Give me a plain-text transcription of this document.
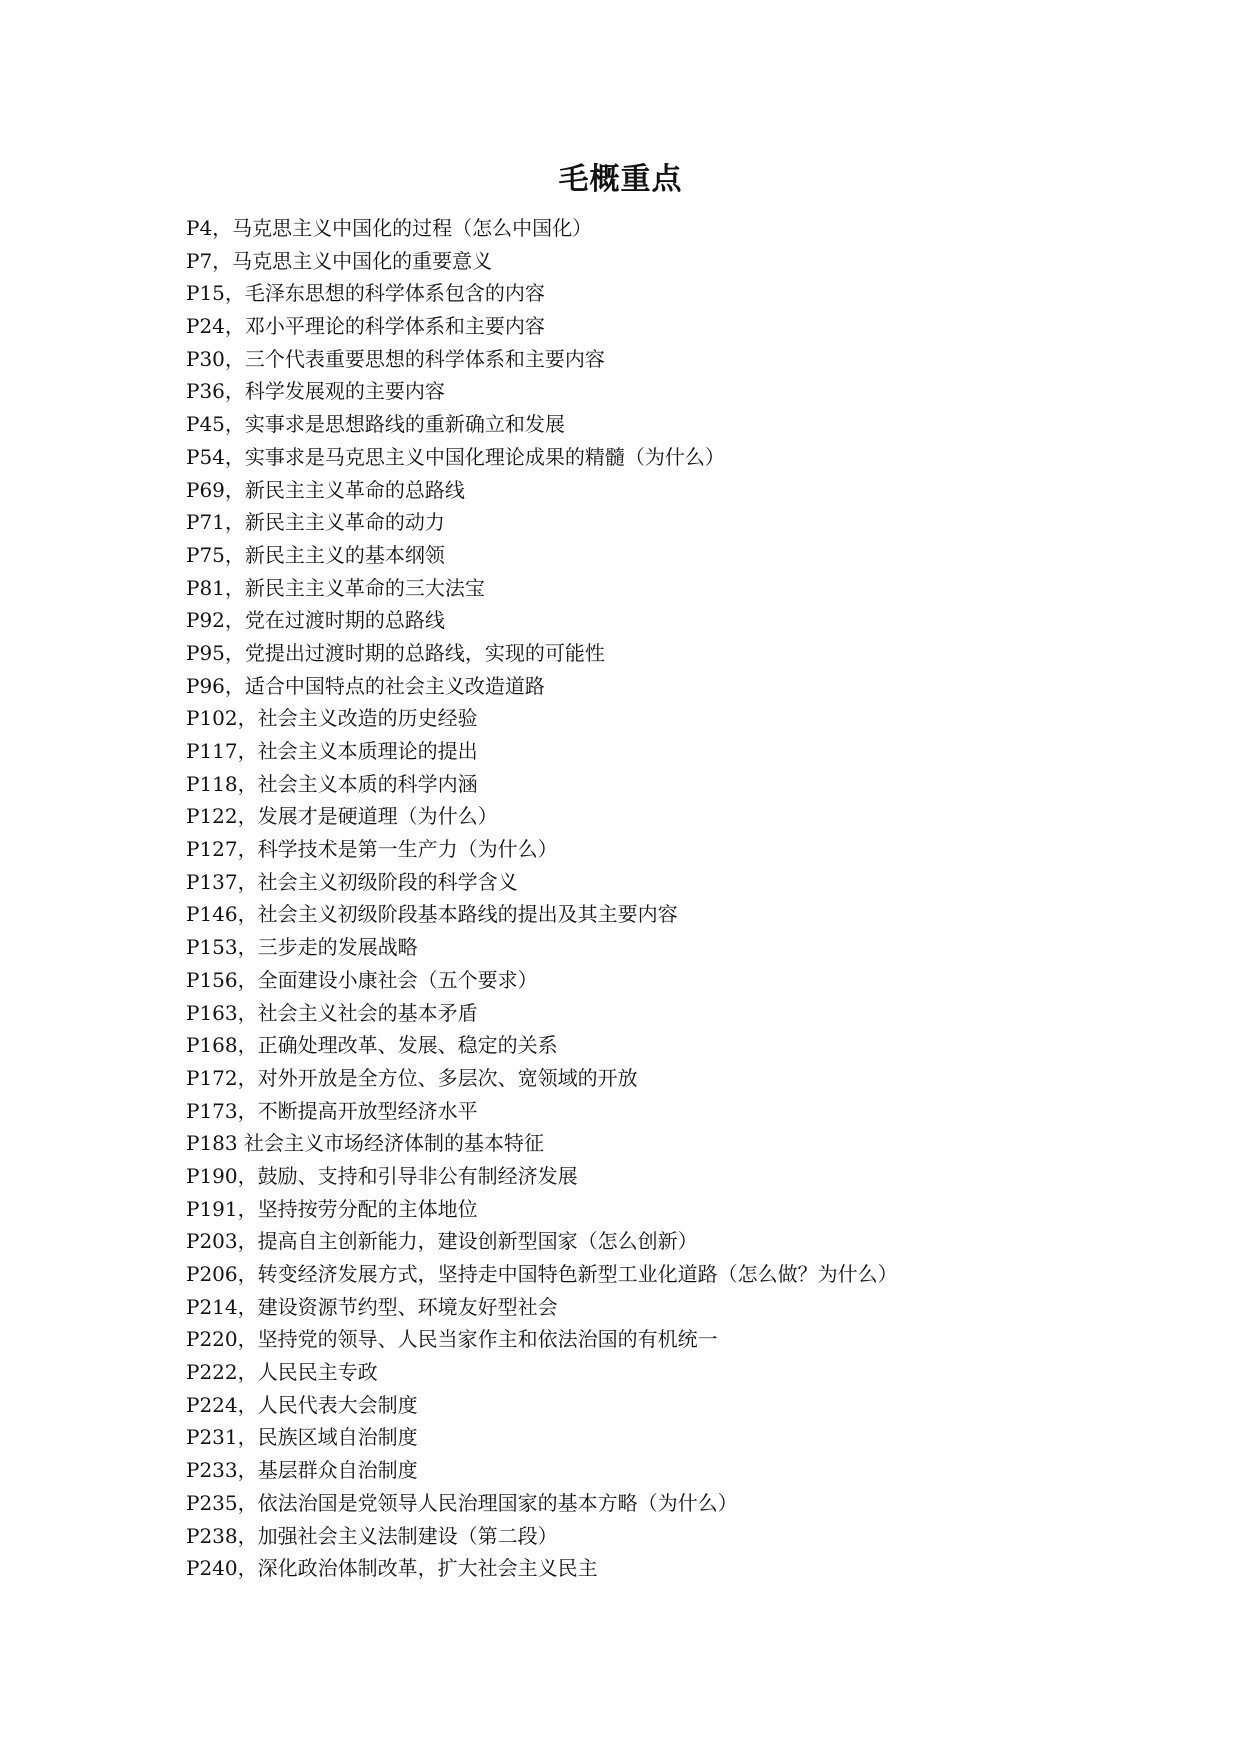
毛概重点
P4，马克思主义中国化的过程（怎么中国化）
P7，马克思主义中国化的重要意义
P15，毛泽东思想的科学体系包含的内容
P24，邓小平理论的科学体系和主要内容
P30，三个代表重要思想的科学体系和主要内容
P36，科学发展观的主要内容
P45，实事求是思想路线的重新确立和发展
P54，实事求是马克思主义中国化理论成果的精髓（为什么）
P69，新民主主义革命的总路线
P71，新民主主义革命的动力
P75，新民主主义的基本纲领
P81，新民主主义革命的三大法宝
P92，党在过渡时期的总路线
P95，党提出过渡时期的总路线，实现的可能性
P96，适合中国特点的社会主义改造道路
P102，社会主义改造的历史经验
P117，社会主义本质理论的提出
P118，社会主义本质的科学内涵
P122，发展才是硬道理（为什么）
P127，科学技术是第一生产力（为什么）
P137，社会主义初级阶段的科学含义
P146，社会主义初级阶段基本路线的提出及其主要内容
P153，三步走的发展战略
P156，全面建设小康社会（五个要求）
P163，社会主义社会的基本矛盾
P168，正确处理改革、发展、稳定的关系
P172，对外开放是全方位、多层次、宽领域的开放
P173，不断提高开放型经济水平
P183 社会主义市场经济体制的基本特征
P190，鼓励、支持和引导非公有制经济发展
P191，坚持按劳分配的主体地位
P203，提高自主创新能力，建设创新型国家（怎么创新）
P206，转变经济发展方式，坚持走中国特色新型工业化道路（怎么做？为什么）
P214，建设资源节约型、环境友好型社会
P220，坚持党的领导、人民当家作主和依法治国的有机统一
P222，人民民主专政
P224，人民代表大会制度
P231，民族区域自治制度
P233，基层群众自治制度
P235，依法治国是党领导人民治理国家的基本方略（为什么）
P238，加强社会主义法制建设（第二段）
P240，深化政治体制改革，扩大社会主义民主
